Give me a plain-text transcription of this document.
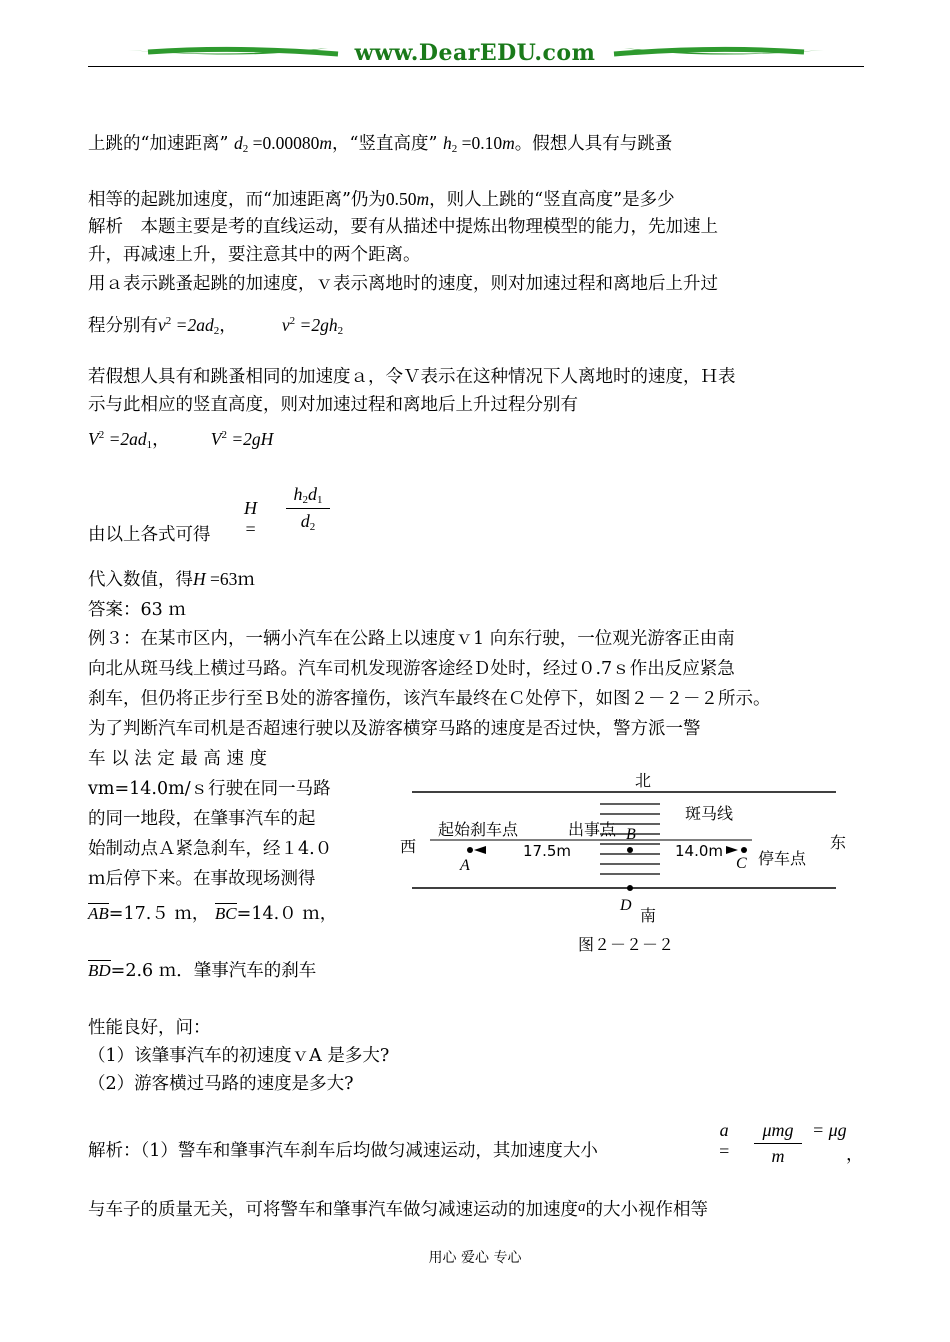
www.DearEDU.com
上跳的“加速距离” $d_2 =0.00080m$，“竖直高度” $h_2 =0.10m$。假想人具有与跳蚤
相等的起跳加速度，而“加速距离”仍为0.50m，则人上跳的“竖直高度”是多少
解析　本题主要是考的直线运动，要有从描述中提炼出物理模型的能力，先加速上
升，再减速上升，要注意其中的两个距离。
用ａ表示跳蚤起跳的加速度，ｖ表示离地时的速度，则对加速过程和离地后上升过
程分别有$v^2 =2ad_2$，	$v^2 =2gh_2$
若假想人具有和跳蚤相同的加速度ａ，令Ｖ表示在这种情况下人离地时的速度，Ｈ表
示与此相应的竖直高度，则对加速过程和离地后上升过程分别有
$V^2 =2ad_1$， $V^2 =2gH$
H =
$h_2d_1$
$d_2$
由以上各式可得
代入数值，得H =63ｍ
答案：63 ｍ
例３：在某市区内，一辆小汽车在公路上以速度ｖ1 向东行驶，一位观光游客正由南
向北从斑马线上横过马路。汽车司机发现游客途经Ｄ处时，经过０.7ｓ作出反应紧急
刹车，但仍将正步行至Ｂ处的游客撞伤，该汽车最终在Ｃ处停下，如图２－２－２所示。
为了判断汽车司机是否超速行驶以及游客横穿马路的速度是否过快，警方派一警
车 以 法 定 最 高 速 度
vm=14.0m/ｓ行驶在同一马路
的同一地段，在肇事汽车的起
始制动点Ａ紧急刹车，经１4.０
ｍ后停下来。在事故现场测得
AB=17.５ ｍ， BC=14.０ ｍ，
BD=2.6 ｍ．肇事汽车的刹车
北
斑马线
起始刹车点	出事点
西	东
停车点
南
A
B
C
D
17.5m	14.0m
图２－２－２
性能良好，问：
（1）该肇事汽车的初速度ｖA 是多大?
（2）游客横过马路的速度是多大?
解析：（1）警车和肇事汽车刹车后均做匀减速运动，其加速度大小
a =
μmg
m
= μg
，
与车子的质量无关，可将警车和肇事汽车做匀减速运动的加速度a的大小视作相等
用心 爱心 专心
